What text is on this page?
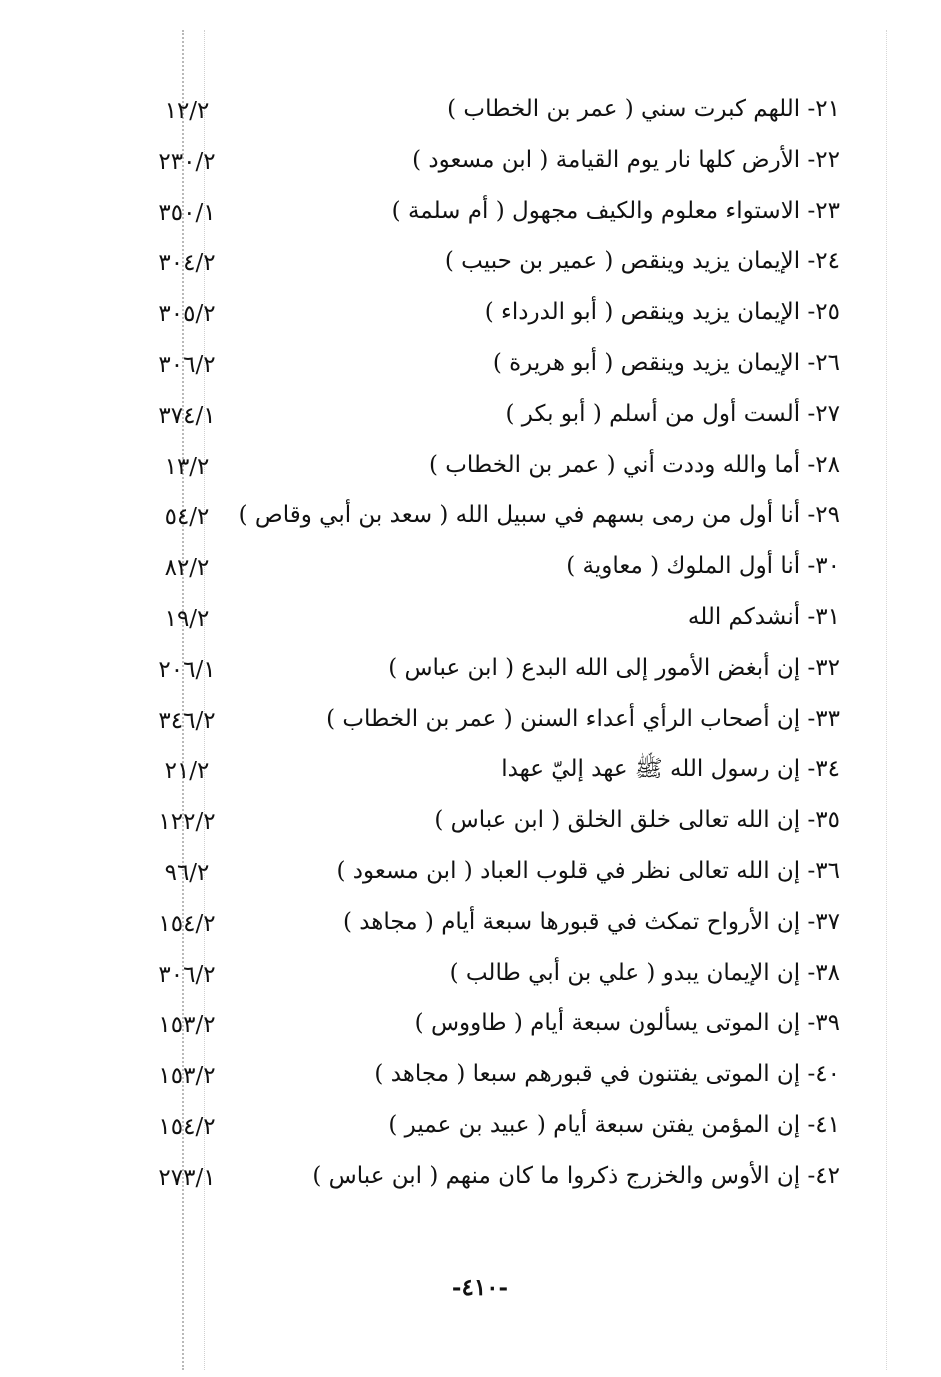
٢١- اللهم كبرت سني ( عمر بن الخطاب )
١٢/٢
٢٢- الأرض كلها نار يوم القيامة ( ابن مسعود )
٢٣٠/٢
٢٣- الاستواء معلوم والكيف مجهول ( أم سلمة )
٣٥٠/١
٢٤- الإيمان يزيد وينقص ( عمير بن حبيب )
٣٠٤/٢
٢٥- الإيمان يزيد وينقص ( أبو الدرداء )
٣٠٥/٢
٢٦- الإيمان يزيد وينقص ( أبو هريرة )
٣٠٦/٢
٢٧- ألست أول من أسلم ( أبو بكر )
٣٧٤/١
٢٨- أما والله وددت أني ( عمر بن الخطاب )
١٣/٢
٢٩- أنا أول من رمى بسهم في سبيل الله ( سعد بن أبي وقاص )
٥٤/٢
٣٠- أنا أول الملوك ( معاوية )
٨٢/٢
٣١- أنشدكم الله
١٩/٢
٣٢- إن أبغض الأمور إلى الله البدع ( ابن عباس )
٢٠٦/١
٣٣- إن أصحاب الرأي أعداء السنن ( عمر بن الخطاب )
٣٤٦/٢
٣٤- إن رسول الله ﷺ عهد إليّ عهدا
٢١/٢
٣٥- إن الله تعالى خلق الخلق ( ابن عباس )
١٢٢/٢
٣٦- إن الله تعالى نظر في قلوب العباد ( ابن مسعود )
٩٦/٢
٣٧- إن الأرواح تمكث في قبورها سبعة أيام ( مجاهد )
١٥٤/٢
٣٨- إن الإيمان يبدو ( علي بن أبي طالب )
٣٠٦/٢
٣٩- إن الموتى يسألون سبعة أيام ( طاووس )
١٥٣/٢
٤٠- إن الموتى يفتنون في قبورهم سبعا ( مجاهد )
١٥٣/٢
٤١- إن المؤمن يفتن سبعة أيام ( عبيد بن عمير )
١٥٤/٢
٤٢- إن الأوس والخزرج ذكروا ما كان منهم ( ابن عباس )
٢٧٣/١
-٤١٠-
